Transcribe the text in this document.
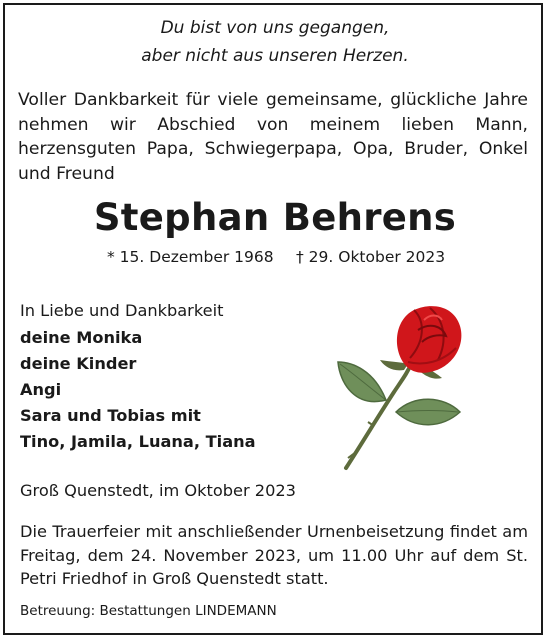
Du bist von uns gegangen,
aber nicht aus unseren Herzen.
Voller Dankbarkeit für viele gemeinsame, glückliche Jahre nehmen wir Abschied von meinem lieben Mann, herzensguten Papa, Schwiegerpapa, Opa, Bruder, Onkel und Freund
Stephan Behrens
* 15. Dezember 1968 † 29. Oktober 2023
In Liebe und Dankbarkeit
deine Monika
deine Kinder
Angi
Sara und Tobias mit
Tino, Jamila, Luana, Tiana
Groß Quenstedt, im Oktober 2023
Die Trauerfeier mit anschließender Urnenbeisetzung findet am Freitag, dem 24. November 2023, um 11.00 Uhr auf dem St. Petri Friedhof in Groß Quenstedt statt.
Betreuung: Bestattungen LINDEMANN
